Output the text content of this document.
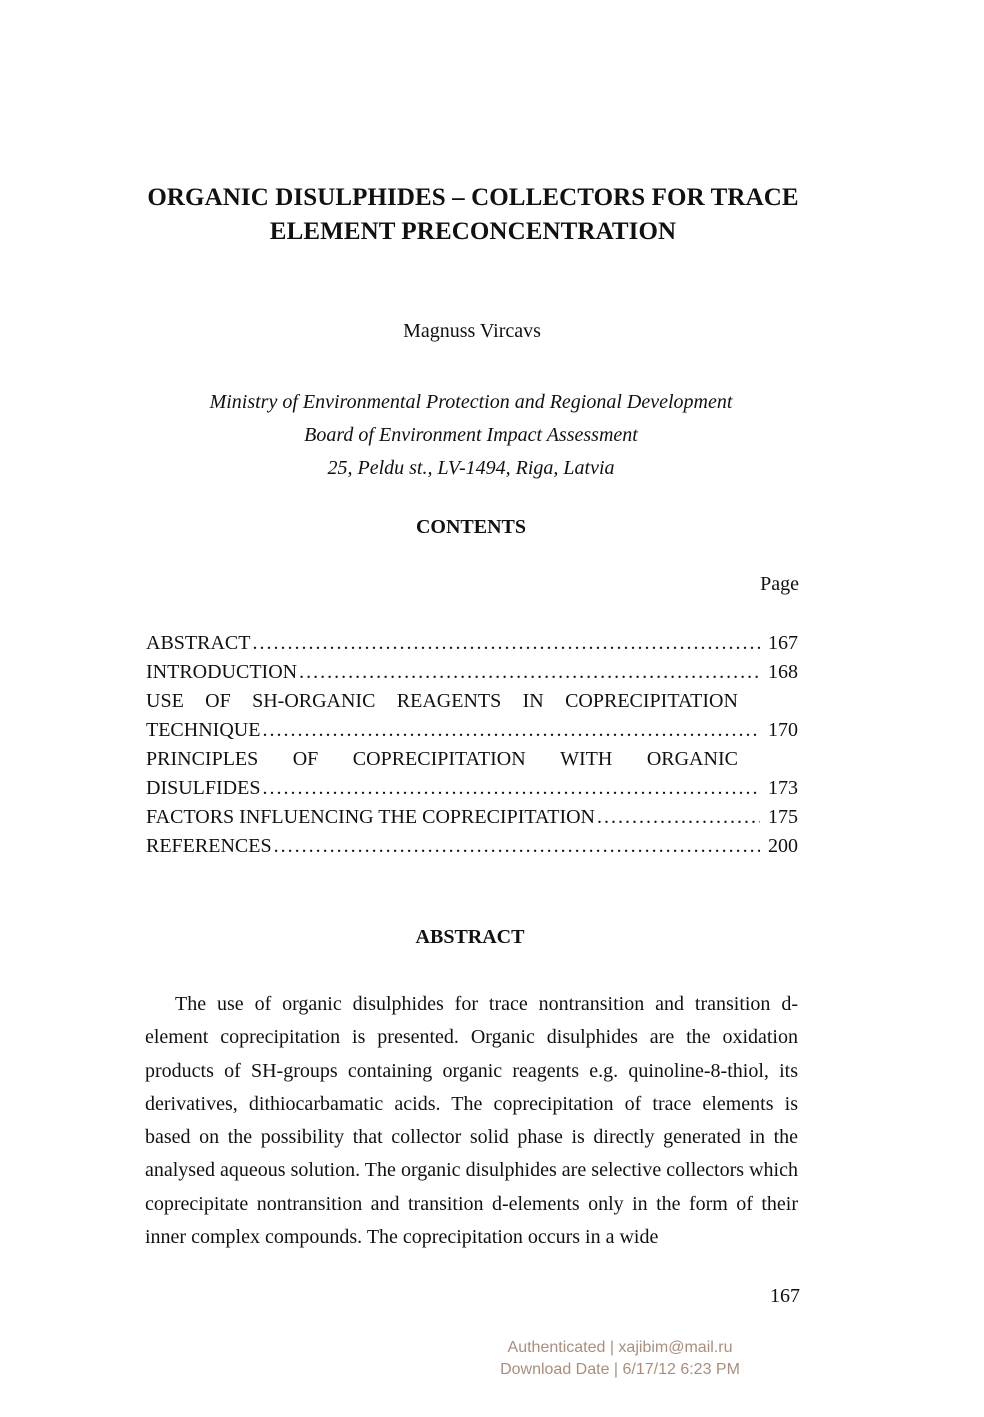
ORGANIC DISULPHIDES – COLLECTORS FOR TRACE
ELEMENT PRECONCENTRATION
Magnuss Vircavs
Ministry of Environmental Protection and Regional Development
Board of Environment Impact Assessment
25, Peldu st., LV-1494, Riga, Latvia
CONTENTS
Page
ABSTRACT .....	167
INTRODUCTION .....	168
USE OF SH-ORGANIC REAGENTS IN COPRECIPITATION
TECHNIQUE .....	170
PRINCIPLES OF COPRECIPITATION WITH ORGANIC
DISULFIDES .....	173
FACTORS INFLUENCING THE COPRECIPITATION .....	175
REFERENCES .....	200
ABSTRACT

The use of organic disulphides for trace nontransition and transition d-element coprecipitation is presented. Organic disulphides are the oxidation products of SH-groups containing organic reagents e.g. quinoline-8-thiol, its derivatives, dithiocarbamatic acids. The coprecipitation of trace elements is based on the possibility that collector solid phase is directly generated in the analysed aqueous solution. The organic disulphides are selective collectors which coprecipitate nontransition and transition d-elements only in the form of their inner complex compounds. The coprecipitation occurs in a wide

167
Authenticated | xajibim@mail.ru
Download Date | 6/17/12 6:23 PM
